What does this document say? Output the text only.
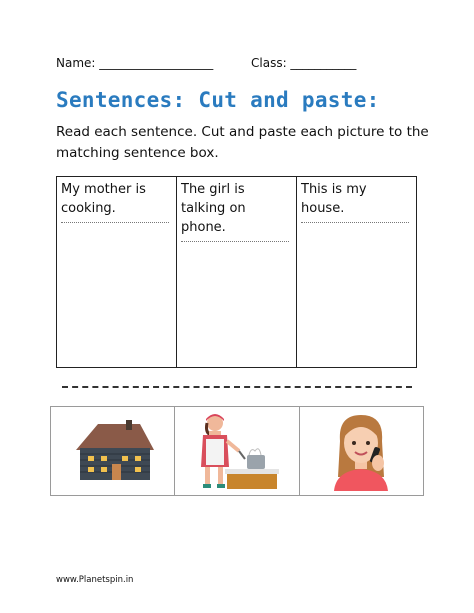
Name: ___________________	Class: ___________
Sentences: Cut and paste:
Read each sentence. Cut and paste each picture to the matching sentence box.
My mother is cooking.

The girl is talking on phone.

This is my house.
www.Planetspin.in
